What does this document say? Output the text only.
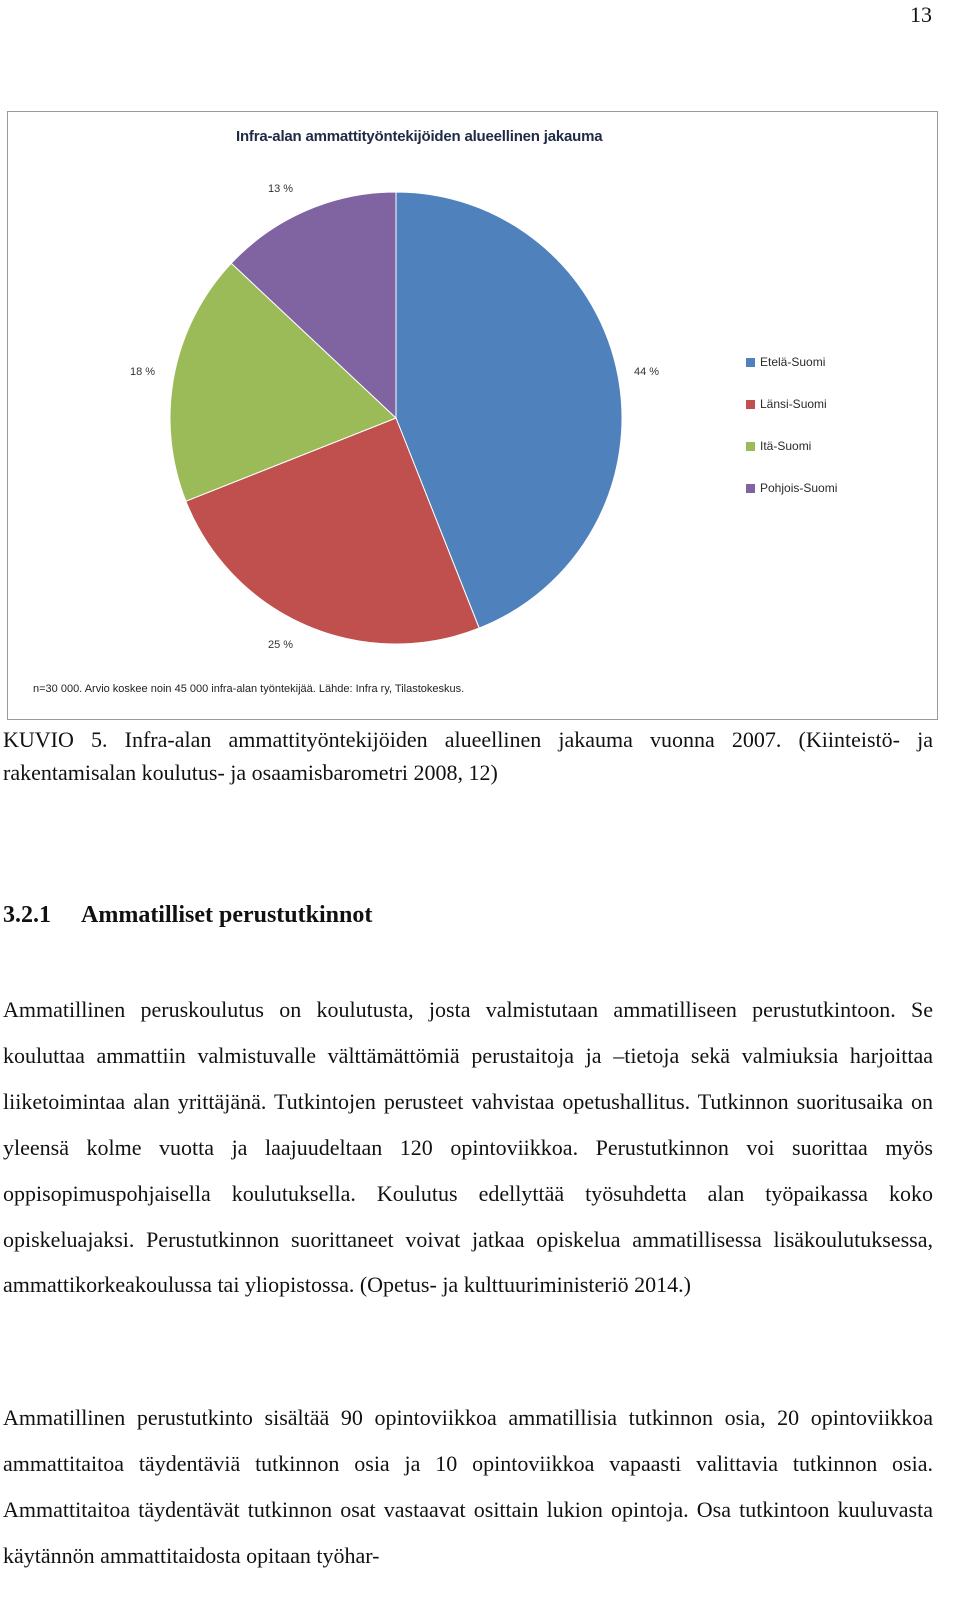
13
Infra-alan ammattityöntekijöiden alueellinen jakauma
44 %
25 %
18 %
13 %
Etelä-Suomi
Länsi-Suomi
Itä-Suomi
Pohjois-Suomi
n=30 000. Arvio koskee noin 45 000 infra-alan työntekijää. Lähde: Infra ry, Tilastokeskus.
KUVIO 5. Infra-alan ammattityöntekijöiden alueellinen jakauma vuonna 2007. (Kiinteistö- ja rakentamisalan koulutus- ja osaamisbarometri 2008, 12)
3.2.1 Ammatilliset perustutkinnot
Ammatillinen peruskoulutus on koulutusta, josta valmistutaan ammatilliseen perustutkintoon. Se kouluttaa ammattiin valmistuvalle välttämättömiä perustaitoja ja –tietoja sekä valmiuksia harjoittaa liiketoimintaa alan yrittäjänä. Tutkintojen perusteet vahvistaa opetushallitus. Tutkinnon suoritusaika on yleensä kolme vuotta ja laajuudeltaan 120 opintoviikkoa. Perustutkinnon voi suorittaa myös oppisopimuspohjaisella koulutuksella. Koulutus edellyttää työsuhdetta alan työpaikassa koko opiskeluajaksi. Perustutkinnon suorittaneet voivat jatkaa opiskelua ammatillisessa lisäkoulutuksessa, ammattikorkeakoulussa tai yliopistossa. (Opetus- ja kulttuuriministeriö 2014.)
Ammatillinen perustutkinto sisältää 90 opintoviikkoa ammatillisia tutkinnon osia, 20 opintoviikkoa ammattitaitoa täydentäviä tutkinnon osia ja 10 opintoviikkoa vapaasti valittavia tutkinnon osia. Ammattitaitoa täydentävät tutkinnon osat vastaavat osittain lukion opintoja. Osa tutkintoon kuuluvasta käytännön ammattitaidosta opitaan työhar-
